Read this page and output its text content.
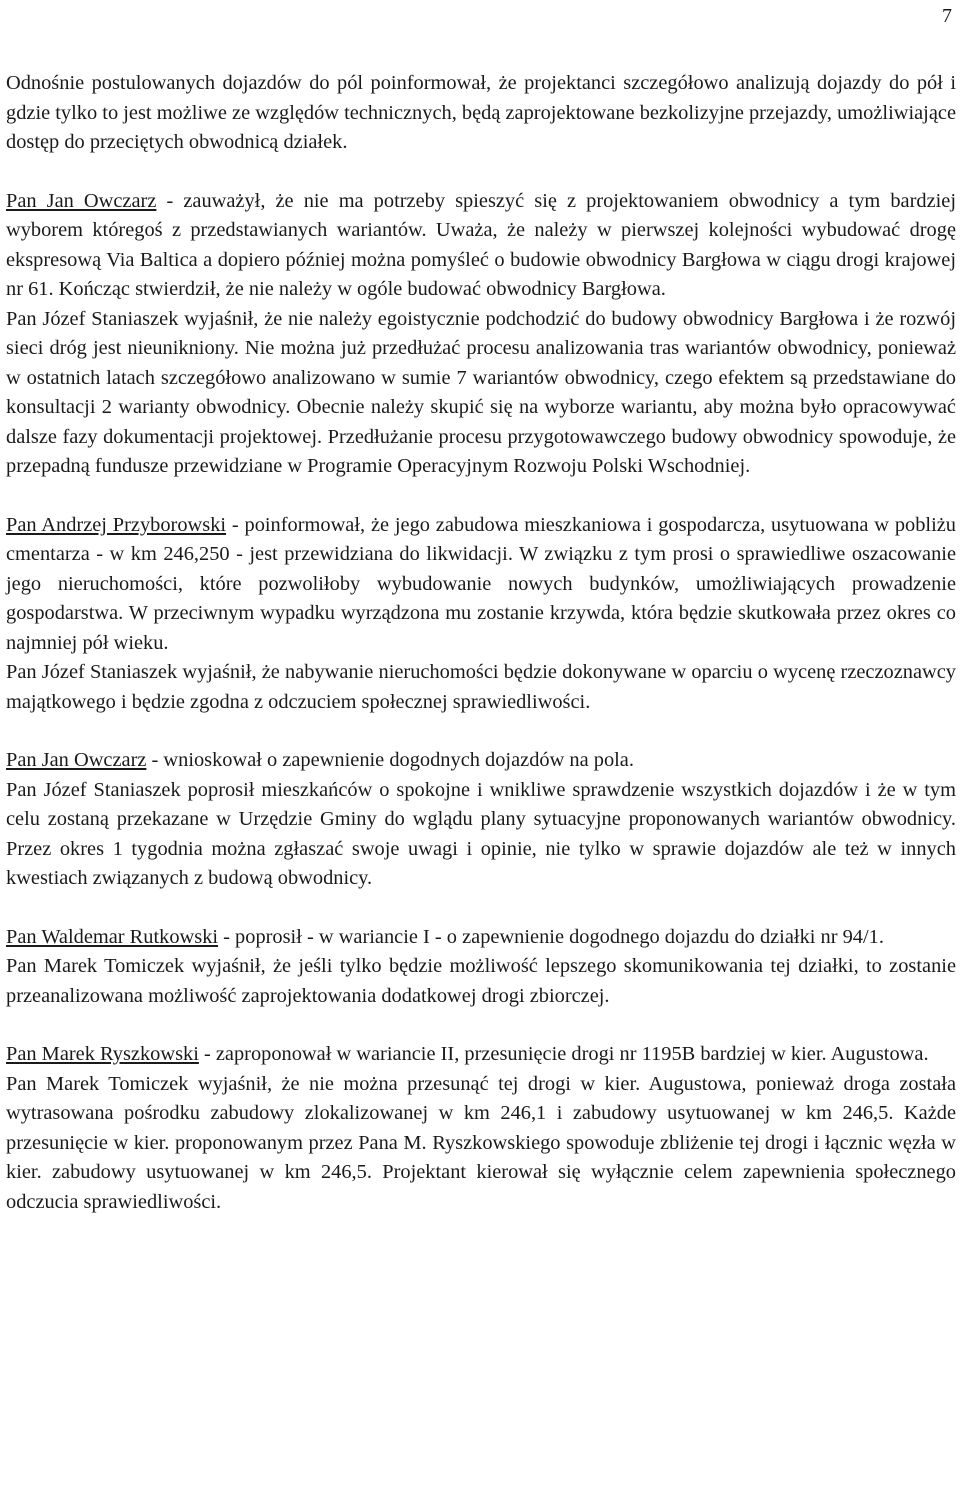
7

Odnośnie postulowanych dojazdów do pól poinformował, że projektanci szczegółowo analizują dojazdy do pół i gdzie tylko to jest możliwe ze względów technicznych, będą zaprojektowane bezkolizyjne przejazdy, umożliwiające dostęp do przeciętych obwodnicą działek.

Pan Jan Owczarz - zauważył, że nie ma potrzeby spieszyć się z projektowaniem obwodnicy a tym bardziej wyborem któregoś z przedstawianych wariantów. Uważa, że należy w pierwszej kolejności wybudować drogę ekspresową Via Baltica a dopiero później można pomyśleć o budowie obwodnicy Bargłowa w ciągu drogi krajowej nr 61. Kończąc stwierdził, że nie należy w ogóle budować obwodnicy Bargłowa.

Pan Józef Staniaszek wyjaśnił, że nie należy egoistycznie podchodzić do budowy obwodnicy Bargłowa i że rozwój sieci dróg jest nieunikniony. Nie można już przedłużać procesu analizowania tras wariantów obwodnicy, ponieważ w ostatnich latach szczegółowo analizowano w sumie 7 wariantów obwodnicy, czego efektem są przedstawiane do konsultacji 2 warianty obwodnicy. Obecnie należy skupić się na wyborze wariantu, aby można było opracowywać dalsze fazy dokumentacji projektowej. Przedłużanie procesu przygotowawczego budowy obwodnicy spowoduje, że przepadną fundusze przewidziane w Programie Operacyjnym Rozwoju Polski Wschodniej.

Pan Andrzej Przyborowski - poinformował, że jego zabudowa mieszkaniowa i gospodarcza, usytuowana w pobliżu cmentarza - w km 246,250 - jest przewidziana do likwidacji. W związku z tym prosi o sprawiedliwe oszacowanie jego nieruchomości, które pozwoliłoby wybudowanie nowych budynków, umożliwiających prowadzenie gospodarstwa. W przeciwnym wypadku wyrządzona mu zostanie krzywda, która będzie skutkowała przez okres co najmniej pół wieku.

Pan Józef Staniaszek wyjaśnił, że nabywanie nieruchomości będzie dokonywane w oparciu o wycenę rzeczoznawcy majątkowego i będzie zgodna z odczuciem społecznej sprawiedliwości.

Pan Jan Owczarz - wnioskował o zapewnienie dogodnych dojazdów na pola.

Pan Józef Staniaszek poprosił mieszkańców o spokojne i wnikliwe sprawdzenie wszystkich dojazdów i że w tym celu zostaną przekazane w Urzędzie Gminy do wglądu plany sytuacyjne proponowanych wariantów obwodnicy. Przez okres 1 tygodnia można zgłaszać swoje uwagi i opinie, nie tylko w sprawie dojazdów ale też w innych kwestiach związanych z budową obwodnicy.

Pan Waldemar Rutkowski - poprosił - w wariancie I - o zapewnienie dogodnego dojazdu do działki nr 94/1.

Pan Marek Tomiczek wyjaśnił, że jeśli tylko będzie możliwość lepszego skomunikowania tej działki, to zostanie przeanalizowana możliwość zaprojektowania dodatkowej drogi zbiorczej.

Pan Marek Ryszkowski - zaproponował w wariancie II, przesunięcie drogi nr 1195B bardziej w kier. Augustowa.

Pan Marek Tomiczek wyjaśnił, że nie można przesunąć tej drogi w kier. Augustowa, ponieważ droga została wytrasowana pośrodku zabudowy zlokalizowanej w km 246,1 i zabudowy usytuowanej w km 246,5. Każde przesunięcie w kier. proponowanym przez Pana M. Ryszkowskiego spowoduje zbliżenie tej drogi i łącznic węzła w kier. zabudowy usytuowanej w km 246,5. Projektant kierował się wyłącznie celem zapewnienia społecznego odczucia sprawiedliwości.
